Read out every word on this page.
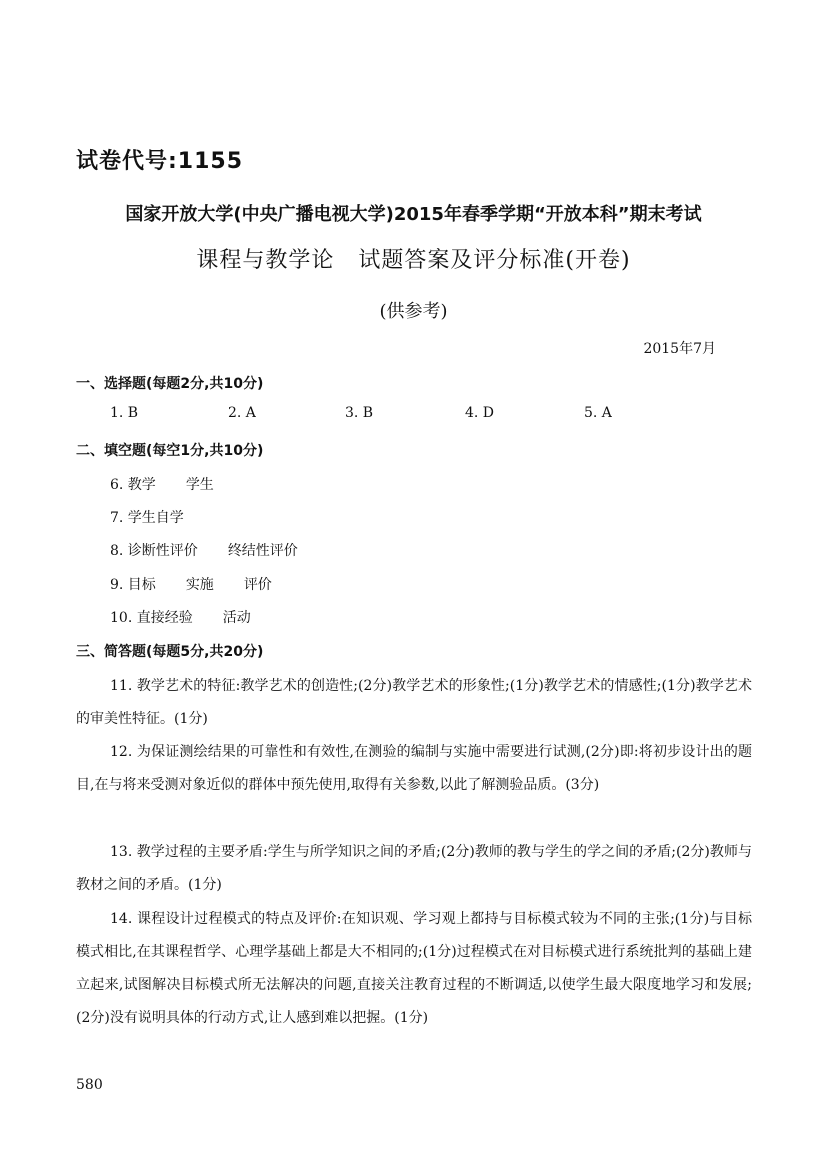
试卷代号:1155
国家开放大学(中央广播电视大学)2015年春季学期“开放本科”期末考试
课程与教学论   试题答案及评分标准(开卷)
(供参考)
2015年7月
一、选择题(每题2分,共10分)
1. B	2. A	3. B	4. D	5. A
二、填空题(每空1分,共10分)
6. 教学 学生
7. 学生自学
8. 诊断性评价 终结性评价
9. 目标 实施 评价
10. 直接经验 活动
三、简答题(每题5分,共20分)
11. 教学艺术的特征:教学艺术的创造性;(2分)教学艺术的形象性;(1分)教学艺术的情感性;(1分)教学艺术的审美性特征。(1分)
12. 为保证测绘结果的可靠性和有效性,在测验的编制与实施中需要进行试测,(2分)即:将初步设计出的题目,在与将来受测对象近似的群体中预先使用,取得有关参数,以此了解测验品质。(3分)
13. 教学过程的主要矛盾:学生与所学知识之间的矛盾;(2分)教师的教与学生的学之间的矛盾;(2分)教师与教材之间的矛盾。(1分)
14. 课程设计过程模式的特点及评价:在知识观、学习观上都持与目标模式较为不同的主张;(1分)与目标模式相比,在其课程哲学、心理学基础上都是大不相同的;(1分)过程模式在对目标模式进行系统批判的基础上建立起来,试图解决目标模式所无法解决的问题,直接关注教育过程的不断调适,以使学生最大限度地学习和发展;(2分)没有说明具体的行动方式,让人感到难以把握。(1分)
580
